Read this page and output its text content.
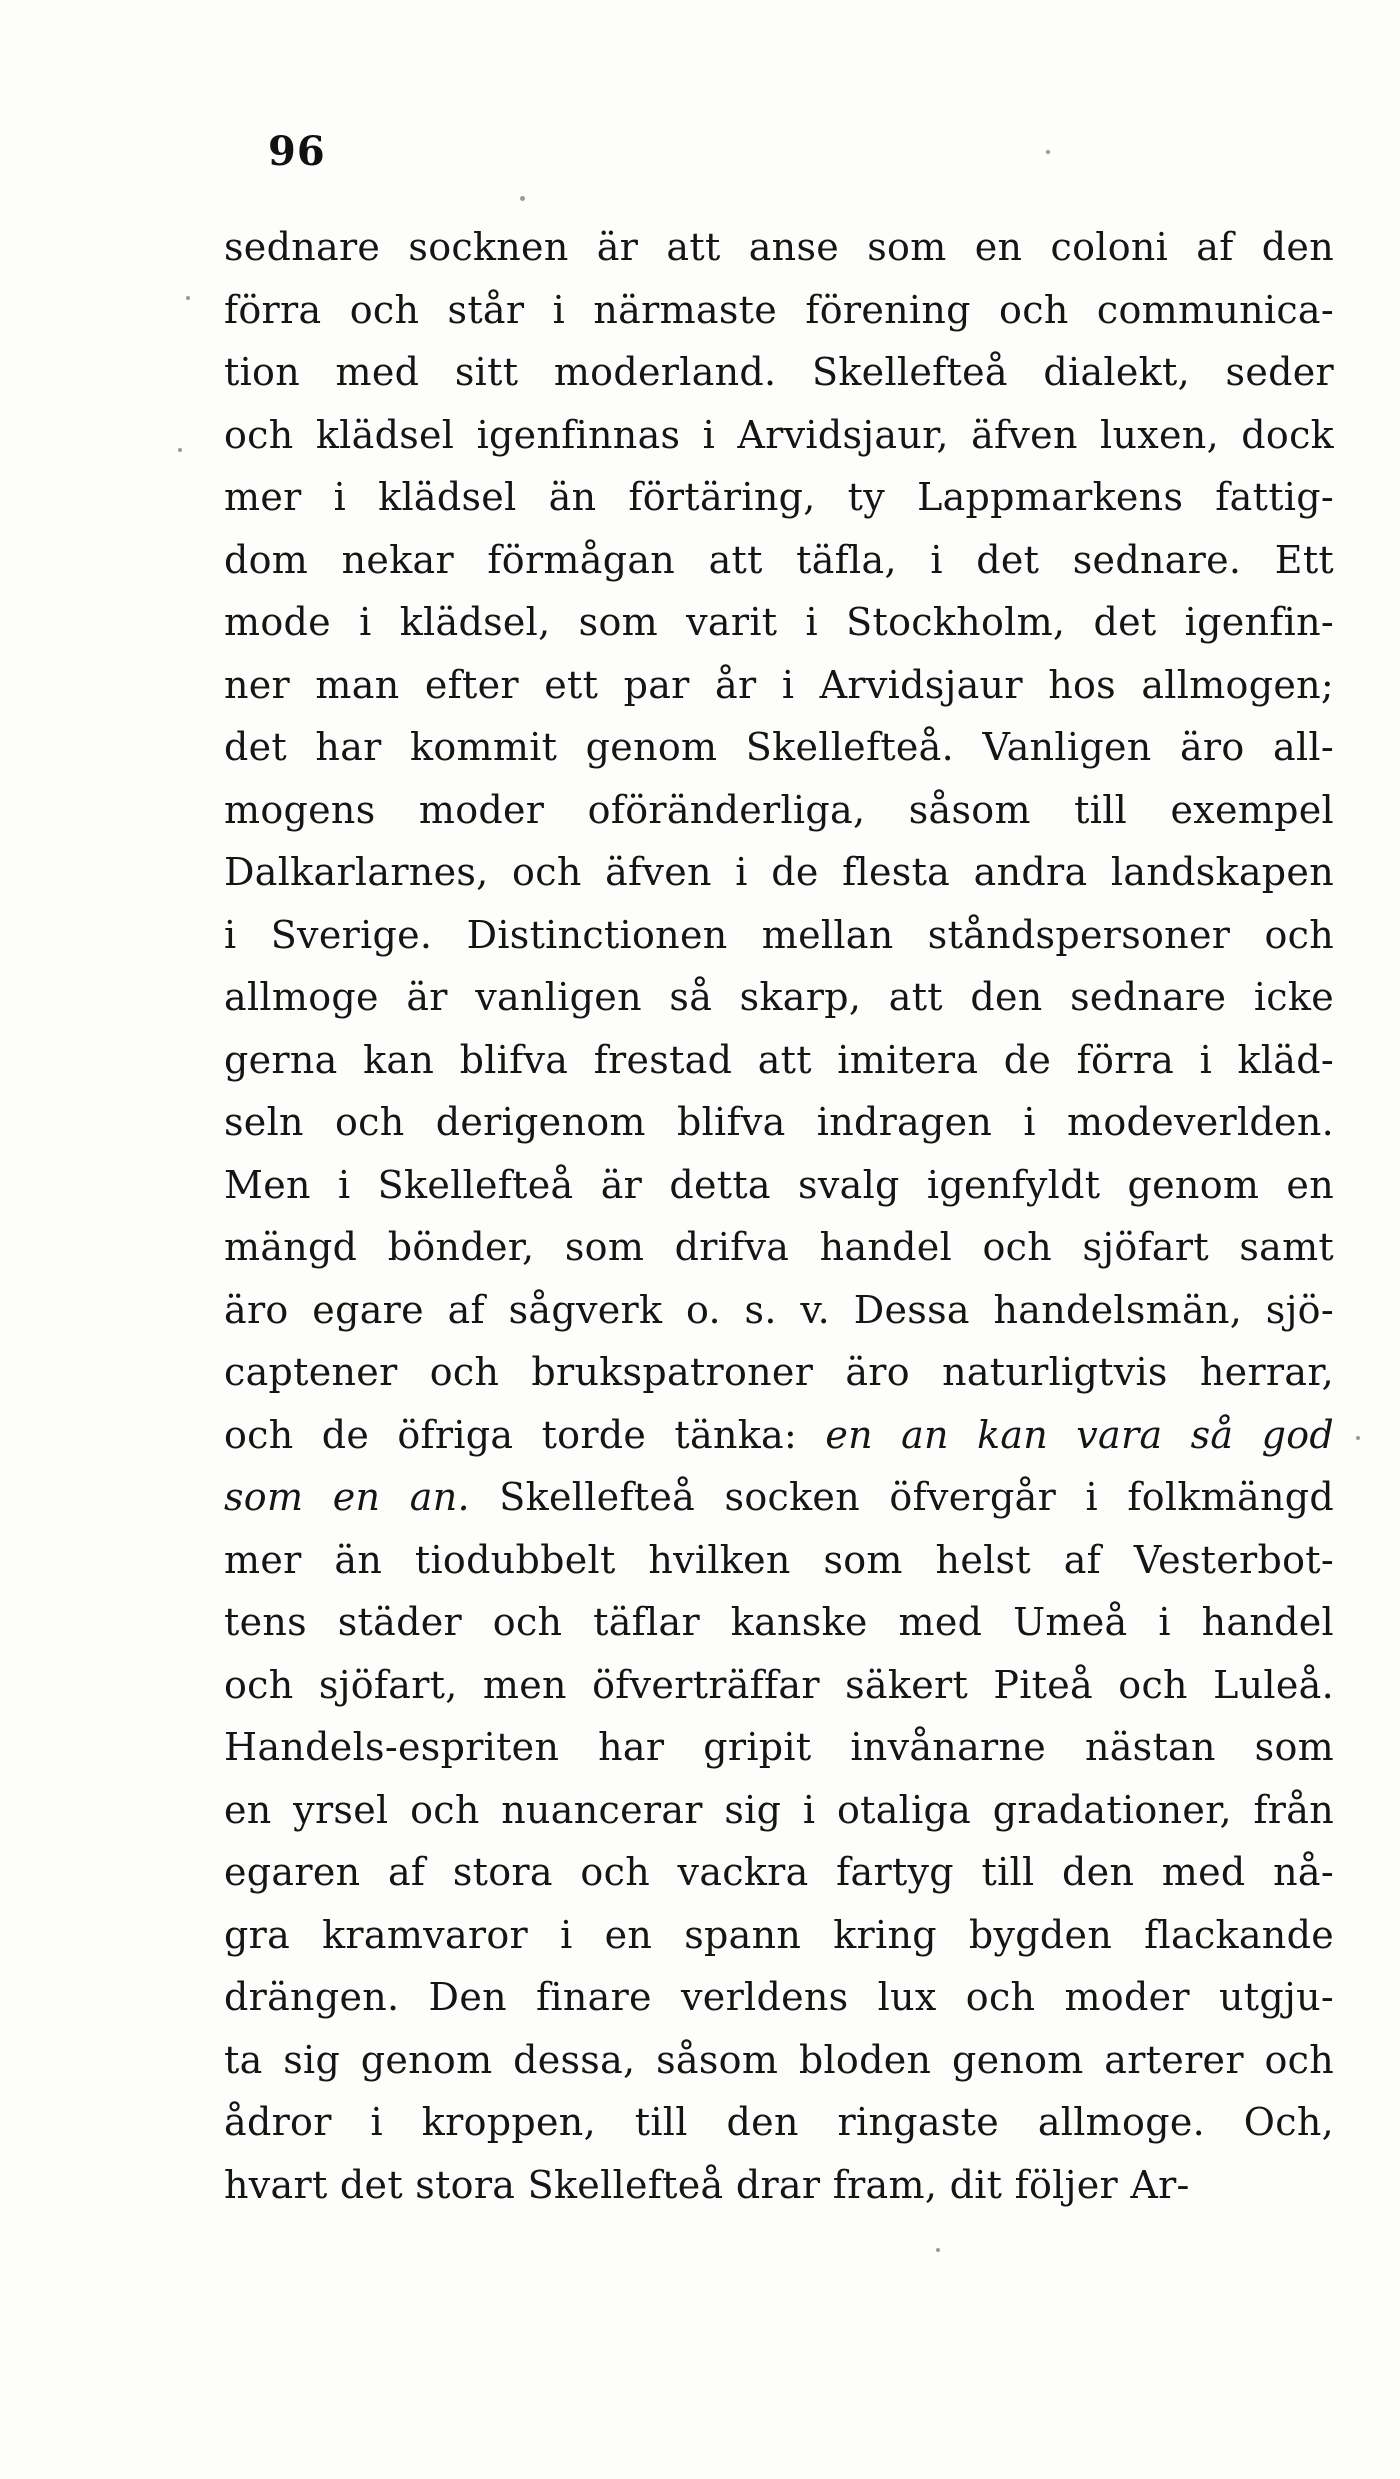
96
sednare socknen är att anse som en coloni af den
förra och står i närmaste förening och communica-
tion med sitt moderland. Skellefteå dialekt, seder
och klädsel igenfinnas i Arvidsjaur, äfven luxen, dock
mer i klädsel än förtäring, ty Lappmarkens fattig-
dom nekar förmågan att täfla, i det sednare. Ett
mode i klädsel, som varit i Stockholm, det igenfin-
ner man efter ett par år i Arvidsjaur hos allmogen;
det har kommit genom Skellefteå. Vanligen äro all-
mogens moder oföränderliga, såsom till exempel
Dalkarlarnes, och äfven i de flesta andra landskapen
i Sverige. Distinctionen mellan ståndspersoner och
allmoge är vanligen så skarp, att den sednare icke
gerna kan blifva frestad att imitera de förra i kläd-
seln och derigenom blifva indragen i modeverlden.
Men i Skellefteå är detta svalg igenfyldt genom en
mängd bönder, som drifva handel och sjöfart samt
äro egare af sågverk o. s. v. Dessa handelsmän, sjö-
captener och brukspatroner äro naturligtvis herrar,
och de öfriga torde tänka: en an kan vara så god
som en an. Skellefteå socken öfvergår i folkmängd
mer än tiodubbelt hvilken som helst af Vesterbot-
tens städer och täflar kanske med Umeå i handel
och sjöfart, men öfverträffar säkert Piteå och Luleå.
Handels-espriten har gripit invånarne nästan som
en yrsel och nuancerar sig i otaliga gradationer, från
egaren af stora och vackra fartyg till den med nå-
gra kramvaror i en spann kring bygden flackande
drängen. Den finare verldens lux och moder utgju-
ta sig genom dessa, såsom bloden genom arterer och
ådror i kroppen, till den ringaste allmoge. Och,
hvart det stora Skellefteå drar fram, dit följer Ar-
